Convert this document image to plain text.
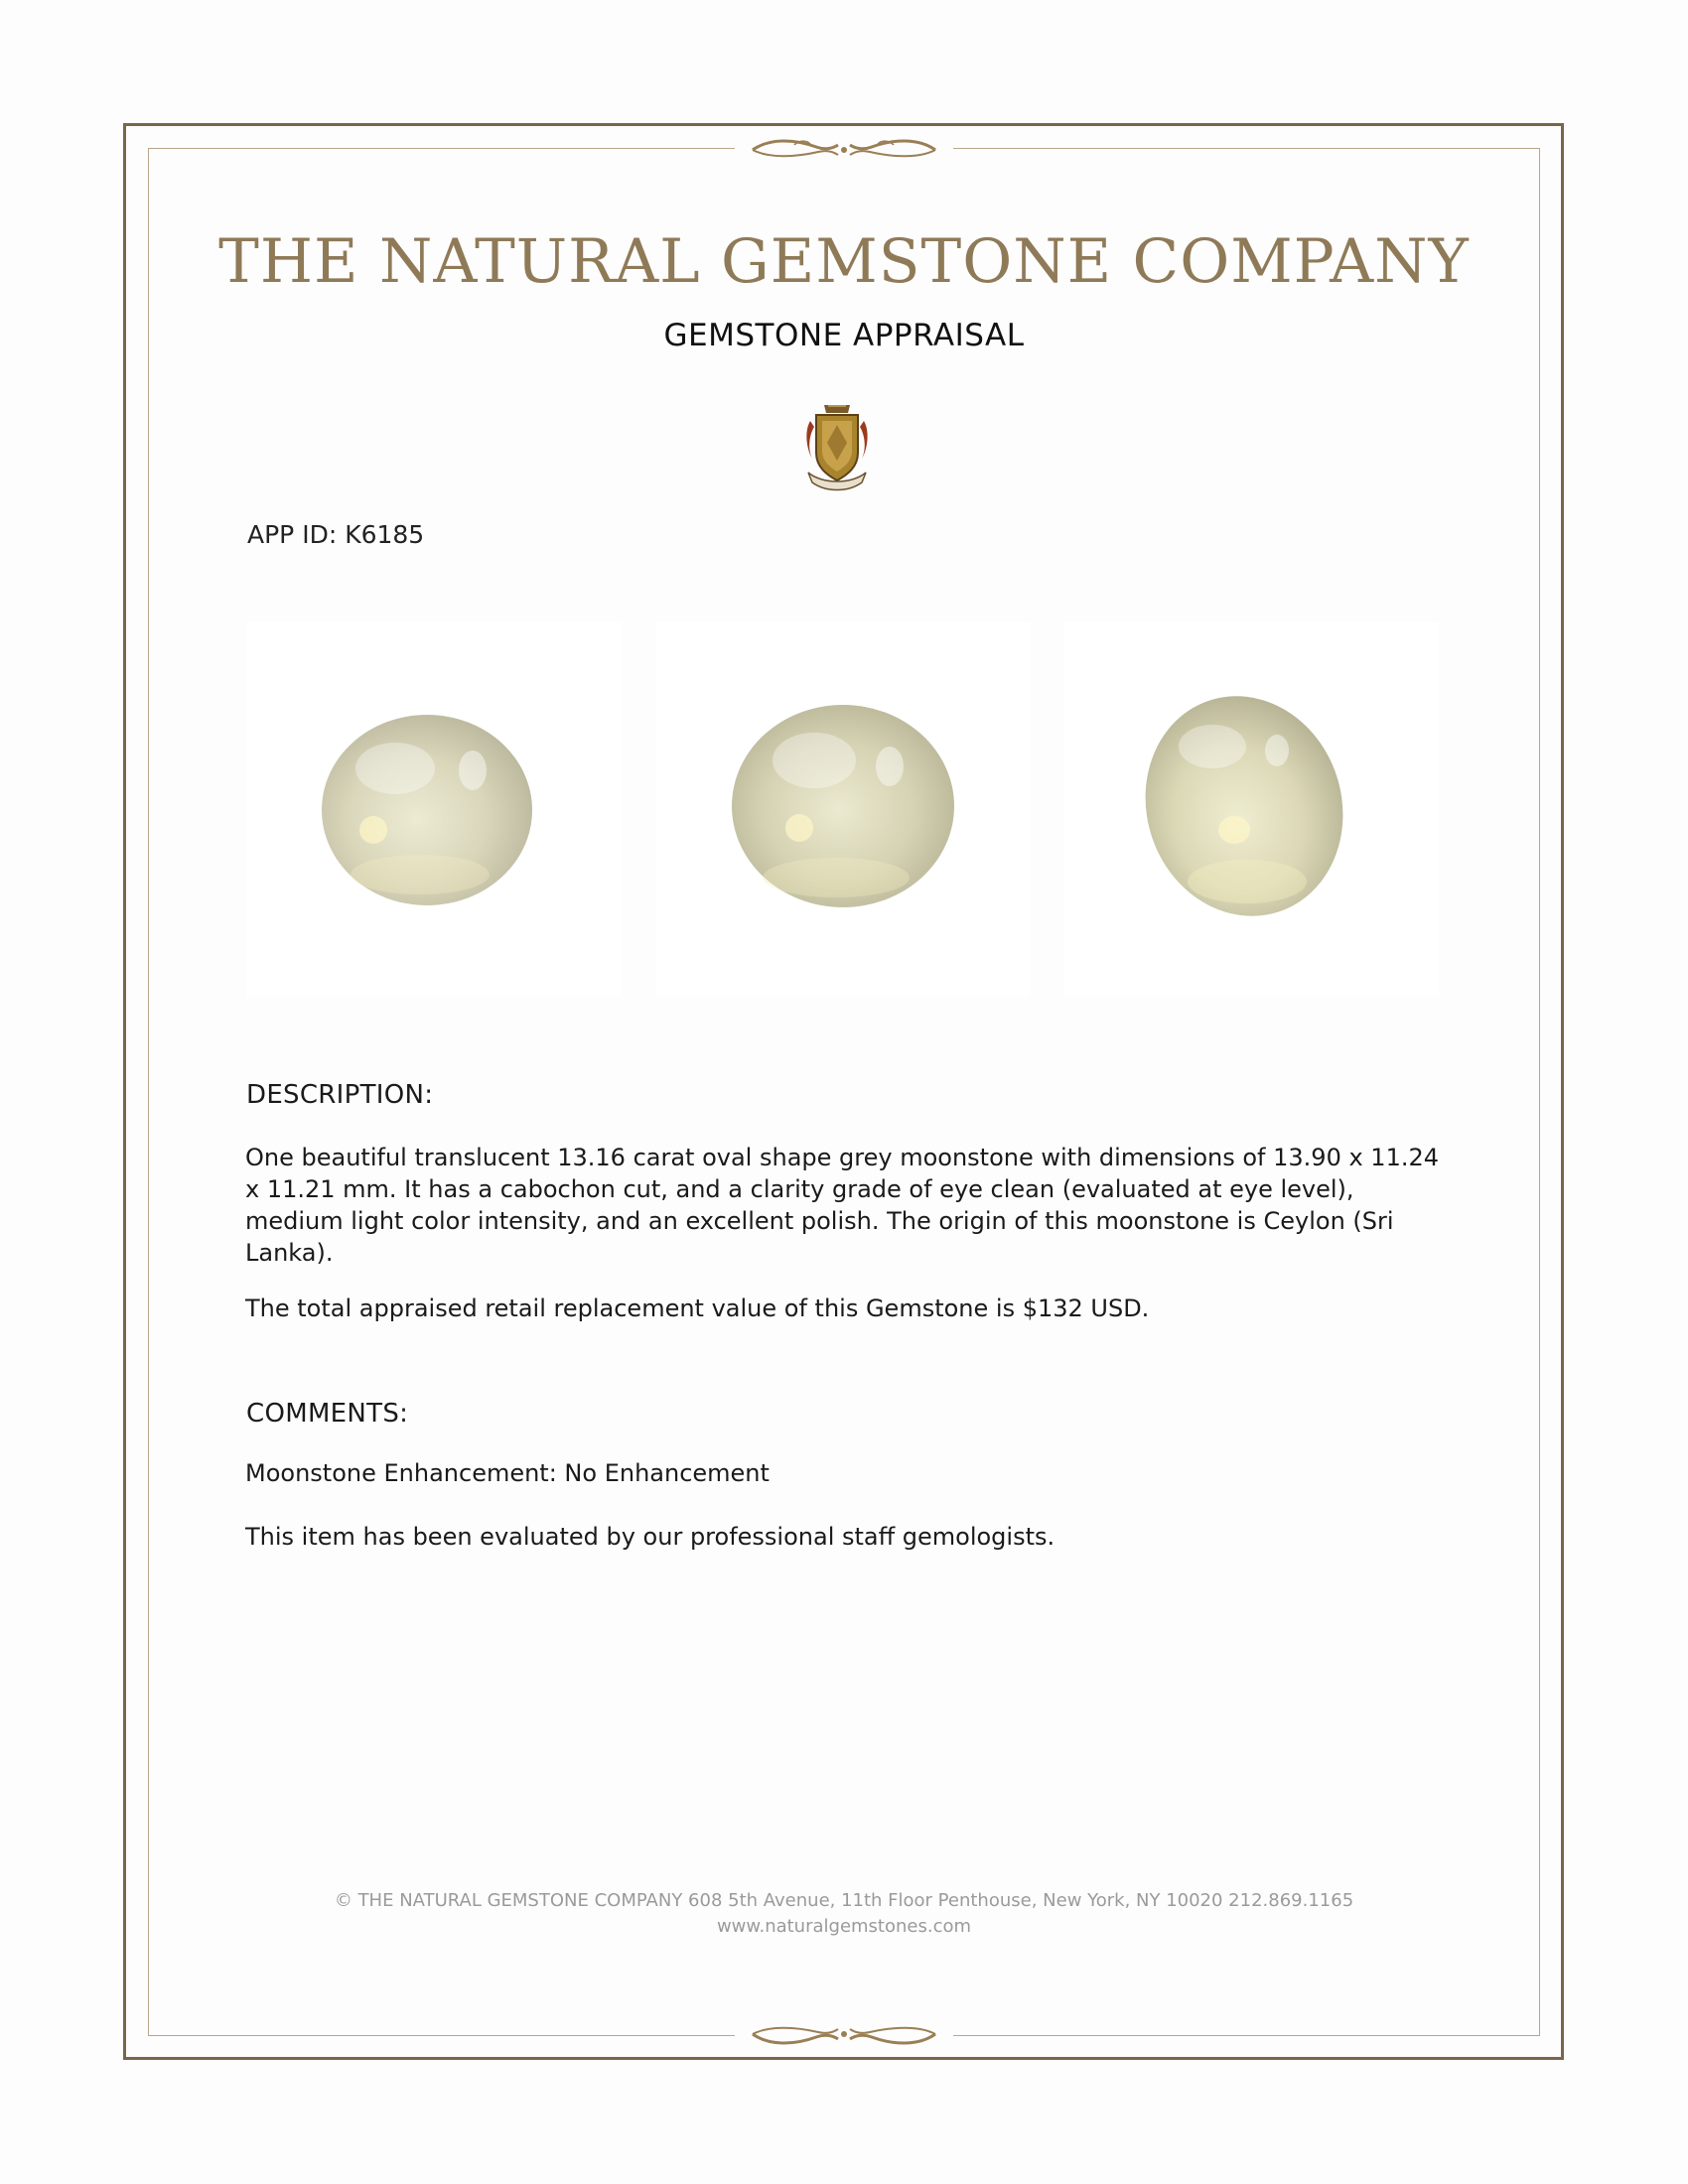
THE NATURAL GEMSTONE COMPANY
GEMSTONE APPRAISAL
APP ID: K6185
DESCRIPTION:

One beautiful translucent 13.16 carat oval shape grey moonstone with dimensions of 13.90 x 11.24
x 11.21 mm. It has a cabochon cut, and a clarity grade of eye clean (evaluated at eye level),
medium light color intensity, and an excellent polish. The origin of this moonstone is Ceylon (Sri
Lanka).

The total appraised retail replacement value of this Gemstone is $132 USD.

COMMENTS:

Moonstone Enhancement: No Enhancement

This item has been evaluated by our professional staff gemologists.

© THE NATURAL GEMSTONE COMPANY 608 5th Avenue, 11th Floor Penthouse, New York, NY 10020 212.869.1165
www.naturalgemstones.com
